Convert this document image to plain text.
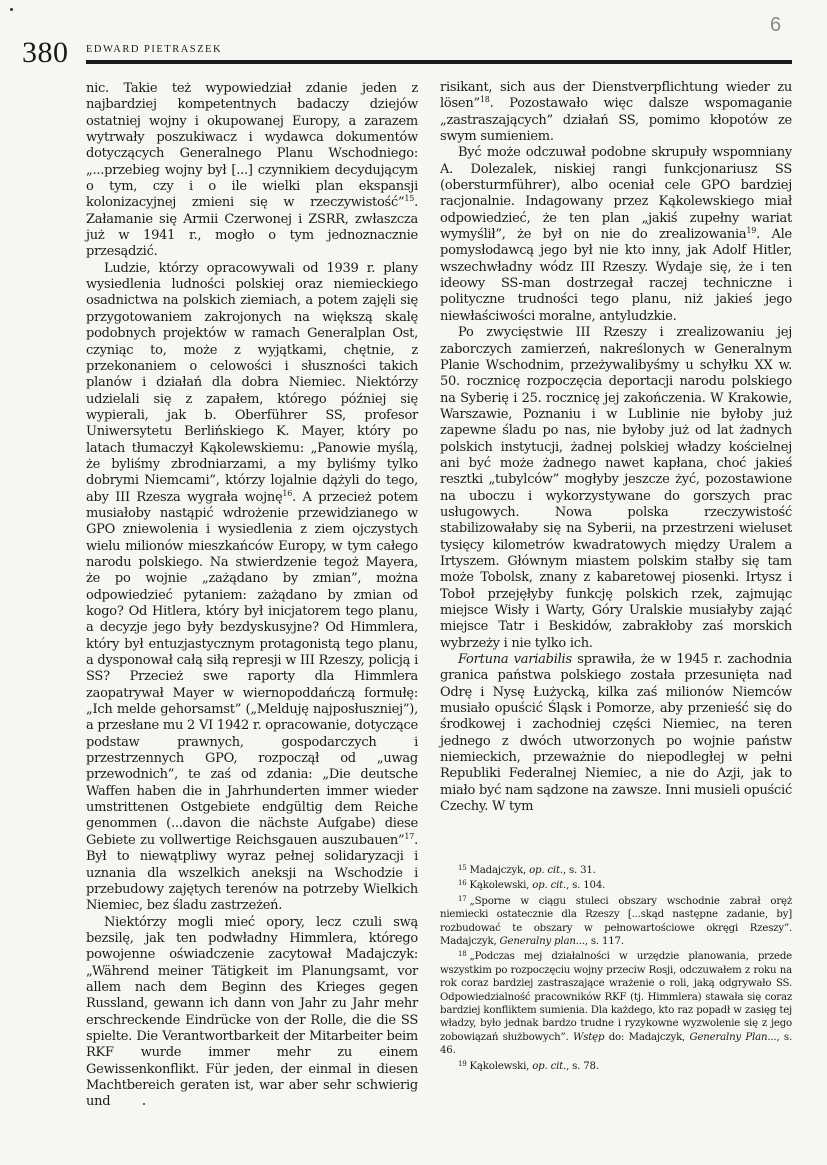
380 EDWARD PIETRASZEK
6

nic. Takie też wypowiedział zdanie jeden z najbardziej kompetentnych badaczy dziejów ostatniej wojny i okupowanej Europy, a zarazem wytrwały poszukiwacz i wydawca dokumentów dotyczących Generalnego Planu Wschodniego: „...przebieg wojny był [...] czynnikiem decydującym o tym, czy i o ile wielki plan ekspansji kolonizacyjnej zmieni się w rzeczywistość”$^{15}$. Załamanie się Armii Czerwonej i ZSRR, zwłaszcza już w 1941 r., mogło o tym jednoznacznie przesądzić.

Ludzie, którzy opracowywali od 1939 r. plany wysiedlenia ludności polskiej oraz niemieckiego osadnictwa na polskich ziemiach, a potem zajęli się przygotowaniem zakrojonych na większą skalę podobnych projektów w ramach Generalplan Ost, czyniąc to, może z wyjątkami, chętnie, z przekonaniem o celowości i słuszności takich planów i działań dla dobra Niemiec. Niektórzy udzielali się z zapałem, którego później się wypierali, jak b. Oberführer SS, profesor Uniwersytetu Berlińskiego K. Mayer, który po latach tłumaczył Kąkolewskiemu: „Panowie myślą, że byliśmy zbrodniarzami, a my byliśmy tylko dobrymi Niemcami”, którzy lojalnie dążyli do tego, aby III Rzesza wygrała wojnę$^{16}$. A przecież potem musiałoby nastąpić wdrożenie przewidzianego w GPO zniewolenia i wysiedlenia z ziem ojczystych wielu milionów mieszkańców Europy, w tym całego narodu polskiego. Na stwierdzenie tegoż Mayera, że po wojnie „zażądano by zmian”, można odpowiedzieć pytaniem: zażądano by zmian od kogo? Od Hitlera, który był inicjatorem tego planu, a decyzje jego były bezdyskusyjne? Od Himmlera, który był entuzjastycznym protagonistą tego planu, a dysponował całą siłą represji w III Rzeszy, policją i SS? Przecież swe raporty dla Himmlera zaopatrywał Mayer w wiernopoddańczą formułę: „Ich melde gehorsamst” („Melduję najposłuszniej”), a przesłane mu 2 VI 1942 r. opracowanie, dotyczące podstaw prawnych, gospodarczych i przestrzennych GPO, rozpoczął od „uwag przewodnich”, te zaś od zdania: „Die deutsche Waffen haben die in Jahrhunderten immer wieder umstrittenen Ostgebiete endgültig dem Reiche genommen (...davon die nächste Aufgabe) diese Gebiete zu vollwertige Reichsgauen auszubauen”$^{17}$. Był to niewątpliwy wyraz pełnej solidaryzacji i uznania dla wszelkich aneksji na Wschodzie i przebudowy zajętych terenów na potrzeby Wielkich Niemiec, bez śladu zastrzeżeń.

Niektórzy mogli mieć opory, lecz czuli swą bezsilę, jak ten podwładny Himmlera, którego powojenne oświadczenie zacytował Madajczyk: „Während meiner Tätigkeit im Planungsamt, vor allem nach dem Beginn des Krieges gegen Russland, gewann ich dann von Jahr zu Jahr mehr erschreckende Eindrücke von der Rolle, die die SS spielte. Die Verantwortbarkeit der Mitarbeiter beim RKF wurde immer mehr zu einem Gewissenkonflikt. Für jeden, der einmal in diesen Machtbereich geraten ist, war aber sehr schwierig und

risikant, sich aus der Dienstverpflichtung wieder zu lösen”$^{18}$. Pozostawało więc dalsze wspomaganie „zastraszających” działań SS, pomimo kłopotów ze swym sumieniem.

Być może odczuwał podobne skrupuły wspomniany A. Dolezalek, niskiej rangi funkcjonariusz SS (obersturmführer), albo oceniał cele GPO bardziej racjonalnie. Indagowany przez Kąkolewskiego miał odpowiedzieć, że ten plan „jakiś zupełny wariat wymyślił”, że był on nie do zrealizowania$^{19}$. Ale pomysłodawcą jego był nie kto inny, jak Adolf Hitler, wszechwładny wódz III Rzeszy. Wydaje się, że i ten ideowy SS-man dostrzegał raczej techniczne i polityczne trudności tego planu, niż jakieś jego niewłaściwości moralne, antyludzkie.

Po zwycięstwie III Rzeszy i zrealizowaniu jej zaborczych zamierzeń, nakreślonych w Generalnym Planie Wschodnim, przeżywalibyśmy u schyłku XX w. 50. rocznicę rozpoczęcia deportacji narodu polskiego na Syberię i 25. rocznicę jej zakończenia. W Krakowie, Warszawie, Poznaniu i w Lublinie nie byłoby już zapewne śladu po nas, nie byłoby już od lat żadnych polskich instytucji, żadnej polskiej władzy kościelnej ani być może żadnego nawet kapłana, choć jakieś resztki „tubylców” mogłyby jeszcze żyć, pozostawione na uboczu i wykorzystywane do gorszych prac usługowych. Nowa polska rzeczywistość stabilizowałaby się na Syberii, na przestrzeni wieluset tysięcy kilometrów kwadratowych między Uralem a Irtyszem. Głównym miastem polskim stałby się tam może Tobolsk, znany z kabaretowej piosenki. Irtysz i Toboł przejęłyby funkcję polskich rzek, zajmując miejsce Wisły i Warty, Góry Uralskie musiałyby zająć miejsce Tatr i Beskidów, zabrakłoby zaś morskich wybrzeży i nie tylko ich.

Fortuna variabilis sprawiła, że w 1945 r. zachodnia granica państwa polskiego została przesunięta nad Odrę i Nysę Łużycką, kilka zaś milionów Niemców musiało opuścić Śląsk i Pomorze, aby przenieść się do środkowej i zachodniej części Niemiec, na teren jednego z dwóch utworzonych po wojnie państw niemieckich, przeważnie do niepodległej w pełni Republiki Federalnej Niemiec, a nie do Azji, jak to miało być nam sądzone na zawsze. Inni musieli opuścić Czechy. W tym

$^{15}$ Madajczyk, op. cit., s. 31.

$^{16}$ Kąkolewski, op. cit., s. 104.

$^{17}$ „Sporne w ciągu stuleci obszary wschodnie zabrał oręż niemiecki ostatecznie dla Rzeszy [...skąd następne zadanie, by] rozbudować te obszary w pełnowartościowe okręgi Rzeszy”. Madajczyk, Generalny plan..., s. 117.

$^{18}$ „Podczas mej działalności w urzędzie planowania, przede wszystkim po rozpoczęciu wojny przeciw Rosji, odczuwałem z roku na rok coraz bardziej zastraszające wrażenie o roli, jaką odgrywało SS. Odpowiedzialność pracowników RKF (tj. Himmlera) stawała się coraz bardziej konfliktem sumienia. Dla każdego, kto raz popadł w zasięg tej władzy, było jednak bardzo trudne i ryzykowne wyzwolenie się z jego zobowiązań służbowych”. Wstęp do: Madajczyk, Generalny Plan..., s. 46.

$^{19}$ Kąkolewski, op. cit., s. 78.
